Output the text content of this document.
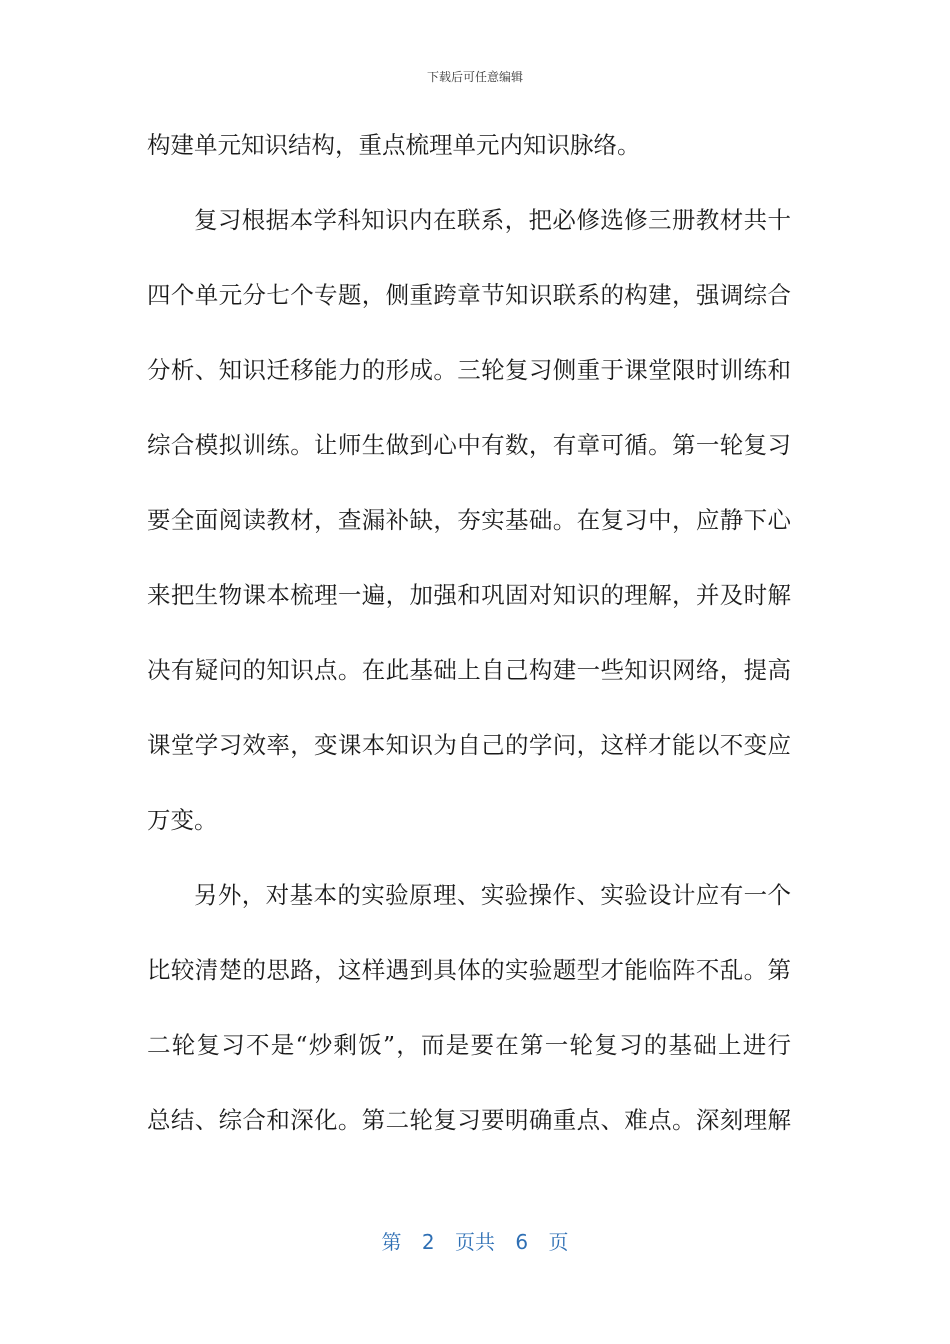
下载后可任意编辑
构建单元知识结构，重点梳理单元内知识脉络。
复习根据本学科知识内在联系，把必修选修三册教材共十
四个单元分七个专题，侧重跨章节知识联系的构建，强调综合
分析、知识迁移能力的形成。三轮复习侧重于课堂限时训练和
综合模拟训练。让师生做到心中有数，有章可循。第一轮复习
要全面阅读教材，查漏补缺，夯实基础。在复习中，应静下心
来把生物课本梳理一遍，加强和巩固对知识的理解，并及时解
决有疑问的知识点。在此基础上自己构建一些知识网络，提高
课堂学习效率，变课本知识为自己的学问，这样才能以不变应
万变。
另外，对基本的实验原理、实验操作、实验设计应有一个
比较清楚的思路，这样遇到具体的实验题型才能临阵不乱。第
二轮复习不是“炒剩饭”，而是要在第一轮复习的基础上进行
总结、综合和深化。第二轮复习要明确重点、难点。深刻理解
第 2 页共 6 页
